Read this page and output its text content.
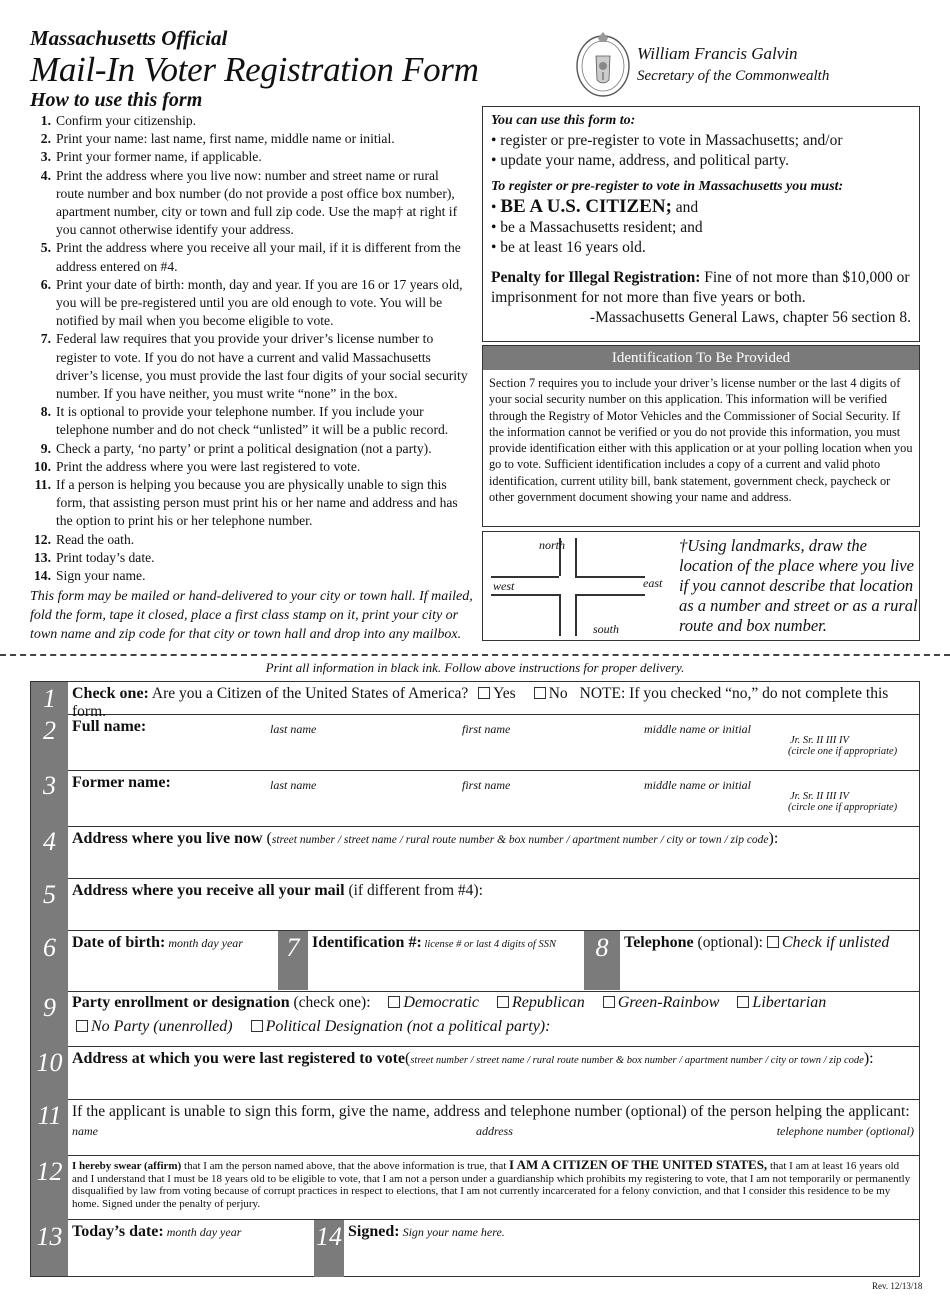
Massachusetts Official
Mail-In Voter Registration Form
How to use this form
William Francis Galvin
Secretary of the Commonwealth
1. Confirm your citizenship.
2. Print your name: last name, first name, middle name or initial.
3. Print your former name, if applicable.
4. Print the address where you live now: number and street name or rural route number and box number (do not provide a post office box number), apartment number, city or town and full zip code. Use the map† at right if you cannot otherwise identify your address.
5. Print the address where you receive all your mail, if it is different from the address entered on #4.
6. Print your date of birth: month, day and year. If you are 16 or 17 years old, you will be pre-registered until you are old enough to vote. You will be notified by mail when you become eligible to vote.
7. Federal law requires that you provide your driver’s license number to register to vote. If you do not have a current and valid Massachusetts driver’s license, you must provide the last four digits of your social security number. If you have neither, you must write “none” in the box.
8. It is optional to provide your telephone number. If you include your telephone number and do not check “unlisted” it will be a public record.
9. Check a party, ‘no party’ or print a political designation (not a party).
10. Print the address where you were last registered to vote.
11. If a person is helping you because you are physically unable to sign this form, that assisting person must print his or her name and address and has the option to print his or her telephone number.
12. Read the oath.
13. Print today’s date.
14. Sign your name.
This form may be mailed or hand-delivered to your city or town hall. If mailed, fold the form, tape it closed, place a first class stamp on it, print your city or town name and zip code for that city or town hall and drop into any mailbox.
You can use this form to:
• register or pre-register to vote in Massachusetts; and/or
• update your name, address, and political party.
To register or pre-register to vote in Massachusetts you must:
• BE A U.S. CITIZEN; and
• be a Massachusetts resident; and
• be at least 16 years old.
Penalty for Illegal Registration: Fine of not more than $10,000 or imprisonment for not more than five years or both.
-Massachusetts General Laws, chapter 56 section 8.
Identification To Be Provided
Section 7 requires you to include your driver’s license number or the last 4 digits of your social security number on this application. This information will be verified through the Registry of Motor Vehicles and the Commissioner of Social Security. If the information cannot be verified or you do not provide this information, you must provide identification either with this application or at your polling location when you go to vote. Sufficient identification includes a copy of a current and valid photo identification, current utility bill, bank statement, government check, paycheck or other government document showing your name and address.
north
west	east
south
†Using landmarks, draw the location of the place where you live if you cannot describe that location as a number and street or as a rural route and box number.
Print all information in black ink. Follow above instructions for proper delivery.
1	Check one: Are you a Citizen of the United States of America? Yes No NOTE: If you checked “no,” do not complete this form.
2	Full name:	last name	first name	middle name or initial
Jr. Sr. II III IV
(circle one if appropriate)
3	Former name:	last name	first name	middle name or initial
Jr. Sr. II III IV
(circle one if appropriate)
4	Address where you live now (street number / street name / rural route number & box number / apartment number / city or town / zip code):
5	Address where you receive all your mail (if different from #4):
6	Date of birth: month day year	7 Identification #: license # or last 4 digits of SSN	8 Telephone (optional): Check if unlisted
9	Party enrollment or designation (check one): Democratic Republican Green-Rainbow Libertarian
No Party (unenrolled) Political Designation (not a political party):
10 Address at which you were last registered to vote(street number / street name / rural route number & box number / apartment number / city or town / zip code):
11 If the applicant is unable to sign this form, give the name, address and telephone number (optional) of the person helping the applicant:
name	address	telephone number (optional)
12 I hereby swear (affirm) that I am the person named above, that the above information is true, that I AM A CITIZEN OF THE UNITED STATES, that I am at least 16 years old and I understand that I must be 18 years old to be eligible to vote, that I am not a person under a guardianship which prohibits my registering to vote, that I am not temporarily or permanently disqualified by law from voting because of corrupt practices in respect to elections, that I am not currently incarcerated for a felony conviction, and that I consider this residence to be my home. Signed under the penalty of perjury.
13 Today’s date: month day year	14 Signed: Sign your name here.
Rev. 12/13/18
